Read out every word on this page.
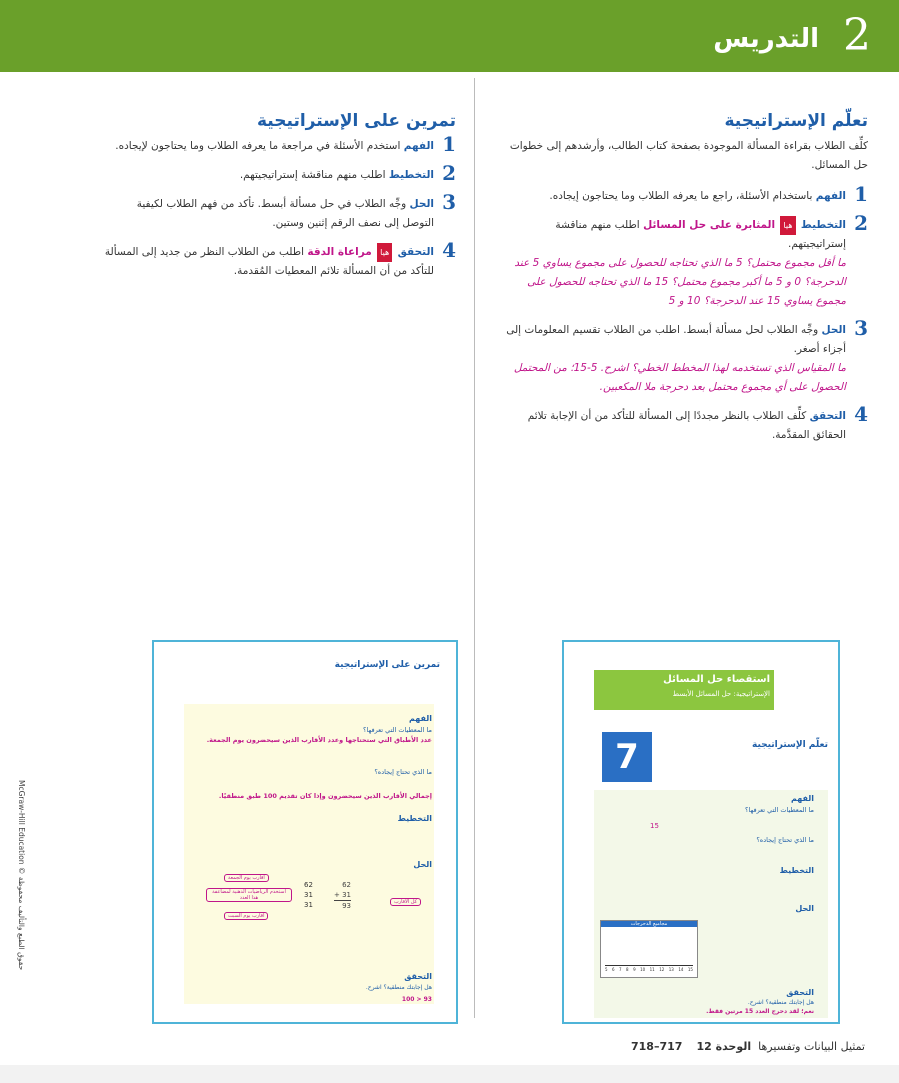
2
التدريس
تعلّم الإستراتيجية
كلِّف الطلاب بقراءة المسألة الموجودة بصفحة كتاب الطالب، وأرشدهم إلى خطوات حل المسائل.
1
الفهم باستخدام الأسئلة، راجع ما يعرفه الطلاب وما يحتاجون إيجاده.
2
التخطيط هيا المثابرة على حل المسائل اطلب منهم مناقشة إستراتيجيتهم.
ما أقل مجموع محتمل؟ 5 ما الذي تحتاجه للحصول على مجموع يساوي 5 عند الدحرجة؟ 0 و 5 ما أكبر مجموع محتمل؟ 15 ما الذي تحتاجه للحصول على مجموع يساوي 15 عند الدحرجة؟ 10 و 5
3
الحل وجِّه الطلاب لحل مسألة أبسط. اطلب من الطلاب تقسيم المعلومات إلى أجزاء أصغر.
ما المقياس الذي تستخدمه لهذا المخطط الخطي؟ اشرح. 5-15؛ من المحتمل الحصول على أي مجموع محتمل بعد دحرجة ملا المكعبين.
4
التحقق كلِّف الطلاب بالنظر مجددًا إلى المسألة للتأكد من أن الإجابة تلائم الحقائق المقدَّمة.
تمرين على الإستراتيجية
1
الفهم استخدم الأسئلة في مراجعة ما يعرفه الطلاب وما يحتاجون لإيجاده.
2
التخطيط اطلب منهم مناقشة إستراتيجيتهم.
3
الحل وجِّه الطلاب في حل مسألة أبسط. تأكد من فهم الطلاب لكيفية التوصل إلى نصف الرقم إثنين وستين.
4
التحقق هيا مراعاة الدقة اطلب من الطلاب النظر من جديد إلى المسألة للتأكد من أن المسألة تلائم المعطيات المُقدمة.
استقصاء حل المسائل
الإستراتيجية: حل المسائل الأبسط
7	تعلّم الإستراتيجية
الفهم
ما المعطيات التي تعرفها؟
15
ما الذي تحتاج إيجاده؟
التخطيط
الحل
مجاميع الدحرجات
5 6 7 8 9 10 11 12 13 14 15
التحقق
هل إجابتك منطقية؟ اشرح.
نعم؛ لقد دحرج العدد 15 مرتين فقط.
تمرين على الإستراتيجية
الفهم
ما المعطيات التي تعرفها؟
عدد الأطباق التي ستحتاجها وعدد الأقارب الذين سيحضرون يوم الجمعة.
ما الذي تحتاج إيجاده؟
إجمالي الأقارب الذين سيحضرون وإذا كان تقديم 100 طبق منطقيًا.
التخطيط
الحل
62
+ 31
93
62
31
31
أقارب يوم الجمعة
استخدم الرياضيات الذهنية لمضاعفة هذا العدد
أقارب يوم السبت
كل الأقارب
التحقق
هل إجابتك منطقية؟ اشرح.
100 > 93
McGraw-Hill Education © حقوق الطبع والتأليف محفوظة
تمثيل البيانات وتفسيرها  الوحدة 12    717–718
